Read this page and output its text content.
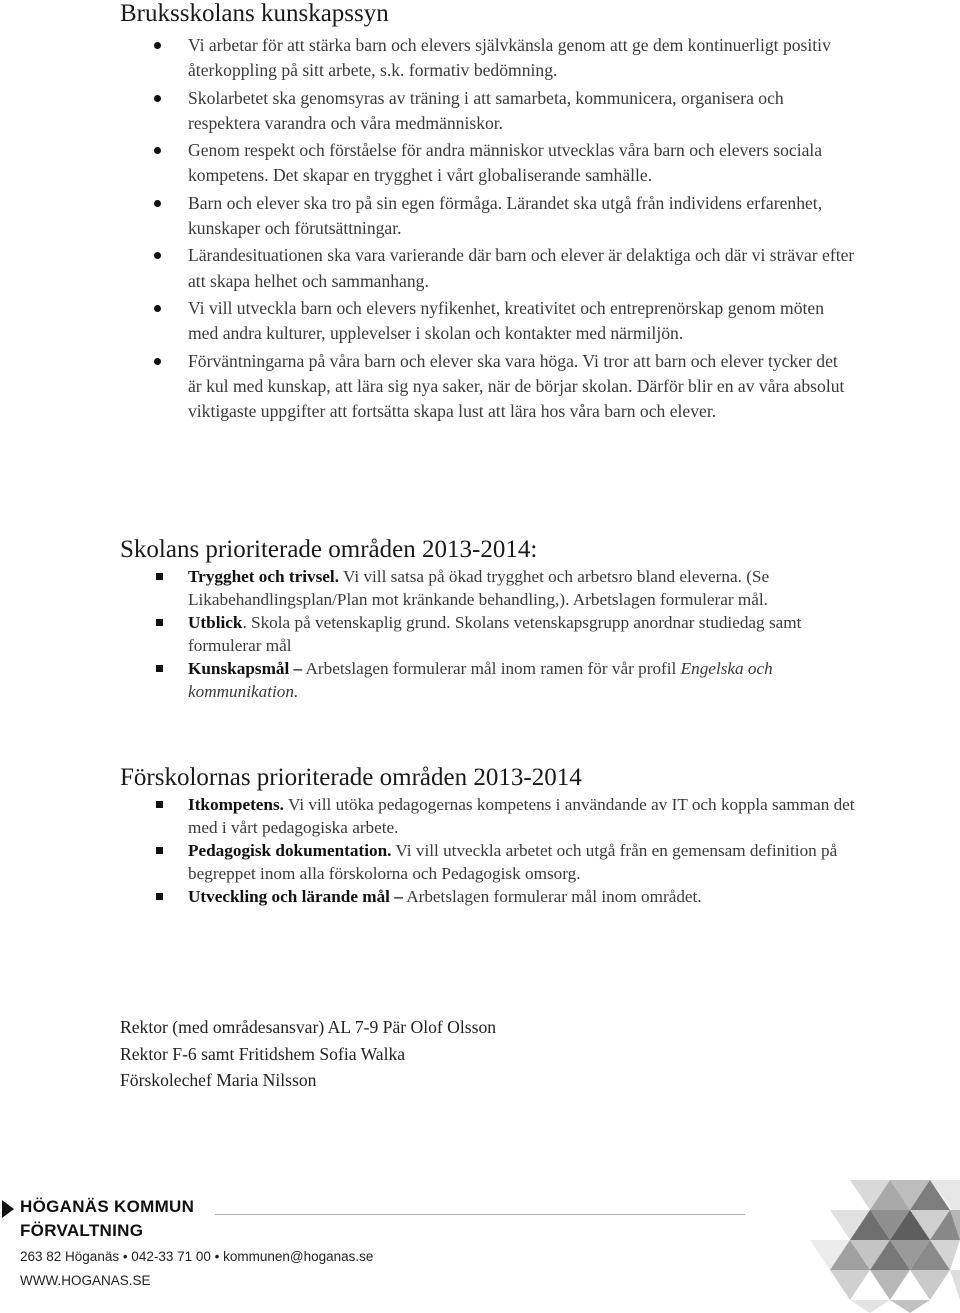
Bruksskolans kunskapssyn
Vi arbetar för att stärka barn och elevers självkänsla genom att ge dem kontinuerligt positiv återkoppling på sitt arbete, s.k. formativ bedömning.
Skolarbetet ska genomsyras av träning i att samarbeta, kommunicera, organisera och respektera varandra och våra medmänniskor.
Genom respekt och förståelse för andra människor utvecklas våra barn och elevers sociala kompetens. Det skapar en trygghet i vårt globaliserande samhälle.
Barn och elever ska tro på sin egen förmåga. Lärandet ska utgå från individens erfarenhet, kunskaper och förutsättningar.
Lärandesituationen ska vara varierande där barn och elever är delaktiga och där vi strävar efter att skapa helhet och sammanhang.
Vi vill utveckla barn och elevers nyfikenhet, kreativitet och entreprenörskap genom möten med andra kulturer, upplevelser i skolan och kontakter med närmiljön.
Förväntningarna på våra barn och elever ska vara höga. Vi tror att barn och elever tycker det är kul med kunskap, att lära sig nya saker, när de börjar skolan. Därför blir en av våra absolut viktigaste uppgifter att fortsätta skapa lust att lära hos våra barn och elever.
Skolans prioriterade områden 2013-2014:
Trygghet och trivsel. Vi vill satsa på ökad trygghet och arbetsro bland eleverna. (Se Likabehandlingsplan/Plan mot kränkande behandling,). Arbetslagen formulerar mål.
Utblick. Skola på vetenskaplig grund. Skolans vetenskapsgrupp anordnar studiedag samt formulerar mål
Kunskapsmål – Arbetslagen formulerar mål inom ramen för vår profil Engelska och kommunikation.
Förskolornas prioriterade områden 2013-2014
Itkompetens. Vi vill utöka pedagogernas kompetens i användande av IT och koppla samman det med i vårt pedagogiska arbete.
Pedagogisk dokumentation. Vi vill utveckla arbetet och utgå från en gemensam definition på begreppet inom alla förskolorna och Pedagogisk omsorg.
Utveckling och lärande mål – Arbetslagen formulerar mål inom området.
Rektor (med områdesansvar) AL 7-9 Pär Olof Olsson
Rektor F-6 samt Fritidshem Sofia Walka
Förskolechef Maria Nilsson
HÖGANÄS KOMMUN
FÖRVALTNING
263 82 Höganäs • 042-33 71 00 • kommunen@hoganas.se
WWW.HOGANAS.SE
